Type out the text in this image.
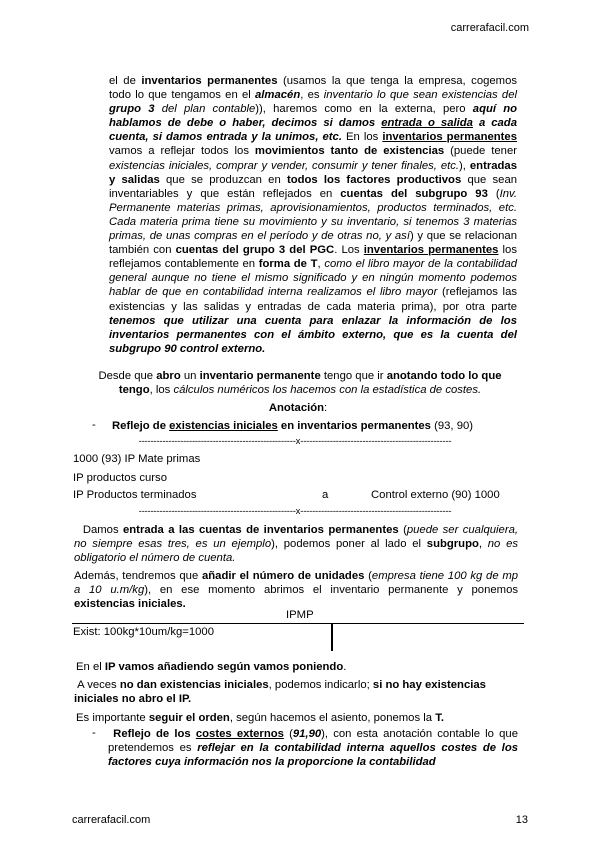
carrerafacil.com

el de inventarios permanentes (usamos la que tenga la empresa, cogemos todo lo que tengamos en el almacén, es inventario lo que sean existencias del grupo 3 del plan contable)), haremos como en la externa, pero aquí no hablamos de debe o haber, decimos si damos entrada o salida a cada cuenta, si damos entrada y la unimos, etc. En los inventarios permanentes vamos a reflejar todos los movimientos tanto de existencias (puede tener existencias iniciales, comprar y vender, consumir y tener finales, etc.), entradas y salidas que se produzcan en todos los factores productivos que sean inventariables y que están reflejados en cuentas del subgrupo 93 (Inv. Permanente materias primas, aprovisionamientos, productos terminados, etc. Cada materia prima tiene su movimiento y su inventario, si tenemos 3 materias primas, de unas compras en el período y de otras no, y así) y que se relacionan también con cuentas del grupo 3 del PGC. Los inventarios permanentes los reflejamos contablemente en forma de T, como el libro mayor de la contabilidad general aunque no tiene el mismo significado y en ningún momento podemos hablar de que en contabilidad interna realizamos el libro mayor (reflejamos las existencias y las salidas y entradas de cada materia prima), por otra parte tenemos que utilizar una cuenta para enlazar la información de los inventarios permanentes con el ámbito externo, que es la cuenta del subgrupo 90 control externo.

Desde que abro un inventario permanente tengo que ir anotando todo lo que tengo, los cálculos numéricos los hacemos con la estadística de costes.

Anotación:

- Reflejo de existencias iniciales en inventarios permanentes (93, 90)

-----------------------------------------------------x---------------------------------------------------
1000 (93) IP Mate primas
IP productos curso
IP Productos terminados	a	Control externo (90) 1000
-----------------------------------------------------x---------------------------------------------------

Damos entrada a las cuentas de inventarios permanentes (puede ser cualquiera, no siempre esas tres, es un ejemplo), podemos poner al lado el subgrupo, no es obligatorio el número de cuenta.

Además, tendremos que añadir el número de unidades (empresa tiene 100 kg de mp a 10 u.m/kg), en ese momento abrimos el inventario permanente y ponemos existencias iniciales.

IPMP
Exist: 100kg*10um/kg=1000

En el IP vamos añadiendo según vamos poniendo.

A veces no dan existencias iniciales, podemos indicarlo; si no hay existencias iniciales no abro el IP.

Es importante seguir el orden, según hacemos el asiento, ponemos la T.

-	Reflejo de los costes externos (91,90), con esta anotación contable lo que pretendemos es reflejar en la contabilidad interna aquellos costes de los factores cuya información nos la proporcione la contabilidad

carrerafacil.com	13
